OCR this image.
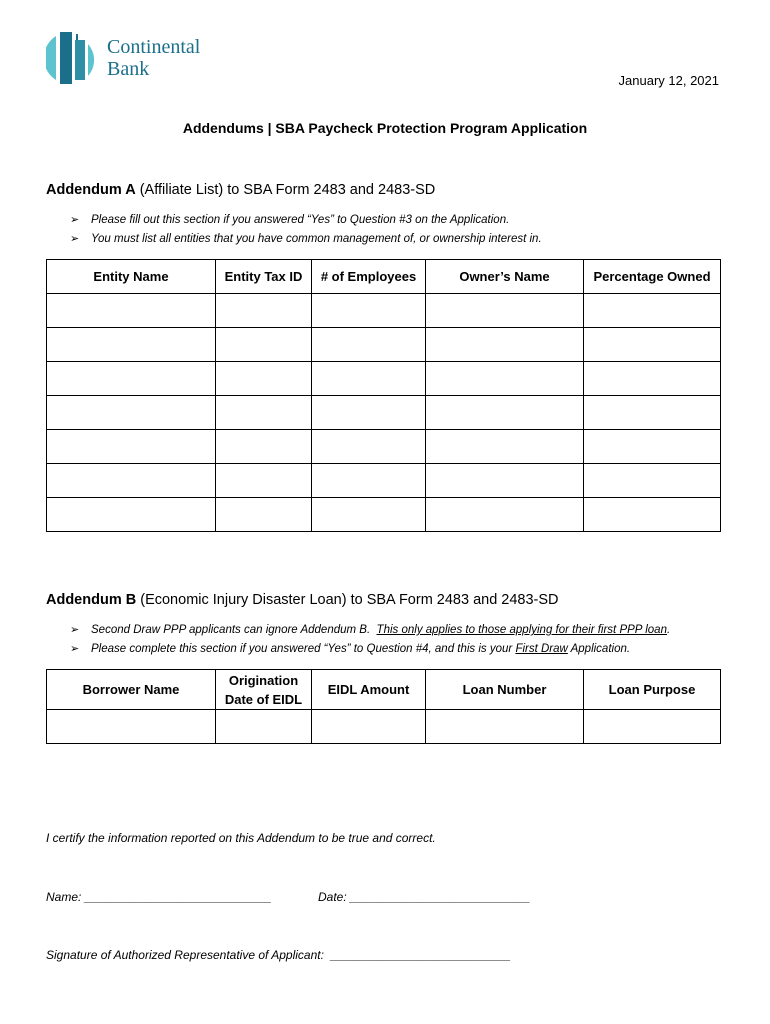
Continental
Bank
January 12, 2021
Addendums | SBA Paycheck Protection Program Application
Addendum A (Affiliate List) to SBA Form 2483 and 2483-SD
➢	Please fill out this section if you answered “Yes” to Question #3 on the Application.
➢	You must list all entities that you have common management of, or ownership interest in.
Entity Name	Entity Tax ID	# of Employees	Owner’s Name	Percentage Owned

Addendum B (Economic Injury Disaster Loan) to SBA Form 2483 and 2483-SD
➢	Second Draw PPP applicants can ignore Addendum B. This only applies to those applying for their first PPP loan .
➢	Please complete this section if you answered “Yes” to Question #4, and this is your First Draw Application.
Borrower Name	Origination Date of EIDL	EIDL Amount	Loan Number	Loan Purpose

I certify the information reported on this Addendum to be true and correct.
Name: ____________________________	Date: ___________________________
Signature of Authorized Representative of Applicant:  ___________________________
